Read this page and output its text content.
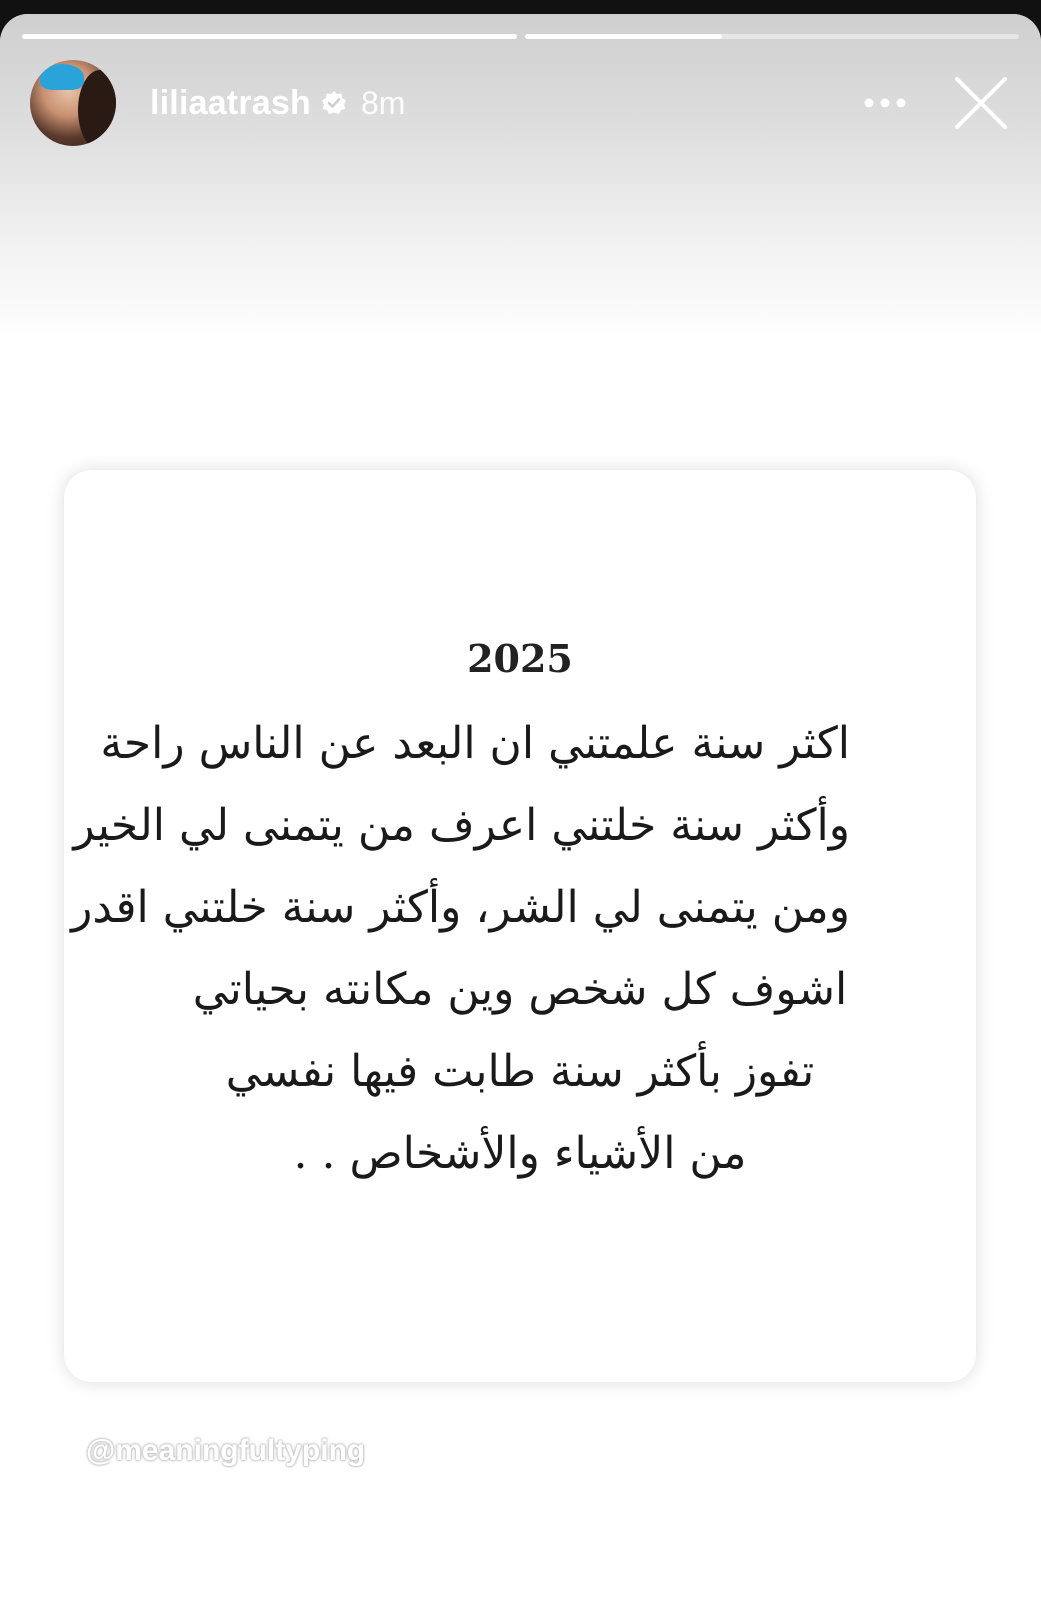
liliaatrash 8m
2025
اكثر سنة علمتني ان البعد عن الناس راحة
وأكثر سنة خلتني اعرف من يتمنى لي الخير
ومن يتمنى لي الشر، وأكثر سنة خلتني اقدر
اشوف كل شخص وين مكانته بحياتي
تفوز بأكثر سنة طابت فيها نفسي
من الأشياء والأشخاص . .
@meaningfultyping
